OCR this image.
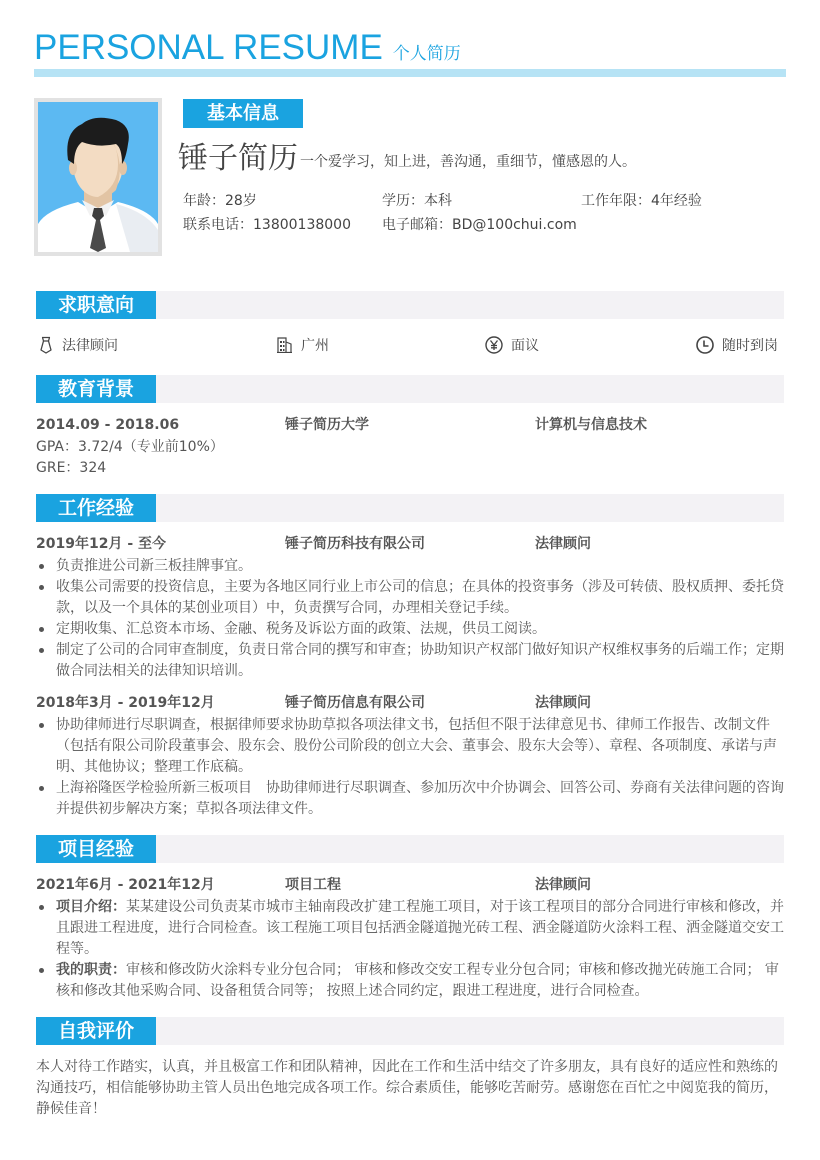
PERSONAL RESUME 个人简历
基本信息
锤子简历 一个爱学习，知上进，善沟通，重细节，懂感恩的人。
年龄：28岁	学历：本科	工作年限：4年经验
联系电话：13800138000 电子邮箱：BD@100chui.com
求职意向
法律顾问	广州	面议	随时到岗
教育背景
2014.09 - 2018.06	锤子简历大学	计算机与信息技术
GPA：3.72/4（专业前10%）
GRE：324
工作经验
2019年12月 - 至今	锤子简历科技有限公司	法律顾问
负责推进公司新三板挂牌事宜。
收集公司需要的投资信息，主要为各地区同行业上市公司的信息；在具体的投资事务（涉及可转债、股权质押、委托贷款，以及一个具体的某创业项目）中，负责撰写合同，办理相关登记手续。
定期收集、汇总资本市场、金融、税务及诉讼方面的政策、法规，供员工阅读。
制定了公司的合同审查制度，负责日常合同的撰写和审查；协助知识产权部门做好知识产权维权事务的后端工作；定期做合同法相关的法律知识培训。
2018年3月 - 2019年12月	锤子简历信息有限公司	法律顾问
协助律师进行尽职调查，根据律师要求协助草拟各项法律文书，包括但不限于法律意见书、律师工作报告、改制文件（包括有限公司阶段董事会、股东会、股份公司阶段的创立大会、董事会、股东大会等）、章程、各项制度、承诺与声明、其他协议；整理工作底稿。
上海裕隆医学检验所新三板项目　协助律师进行尽职调查、参加历次中介协调会、回答公司、券商有关法律问题的咨询并提供初步解决方案；草拟各项法律文件。
项目经验
2021年6月 - 2021年12月	项目工程	法律顾问
项目介绍：某某建设公司负责某市城市主轴南段改扩建工程施工项目，对于该工程项目的部分合同进行审核和修改，并且跟进工程进度，进行合同检查。该工程施工项目包括洒金隧道抛光砖工程、洒金隧道防火涂料工程、洒金隧道交安工程等。
我的职责：审核和修改防火涂料专业分包合同； 审核和修改交安工程专业分包合同；审核和修改抛光砖施工合同； 审核和修改其他采购合同、设备租赁合同等； 按照上述合同约定，跟进工程进度，进行合同检查。
自我评价
本人对待工作踏实，认真，并且极富工作和团队精神，因此在工作和生活中结交了许多朋友，具有良好的适应性和熟练的沟通技巧，相信能够协助主管人员出色地完成各项工作。综合素质佳，能够吃苦耐劳。感谢您在百忙之中阅览我的简历，静候佳音！
